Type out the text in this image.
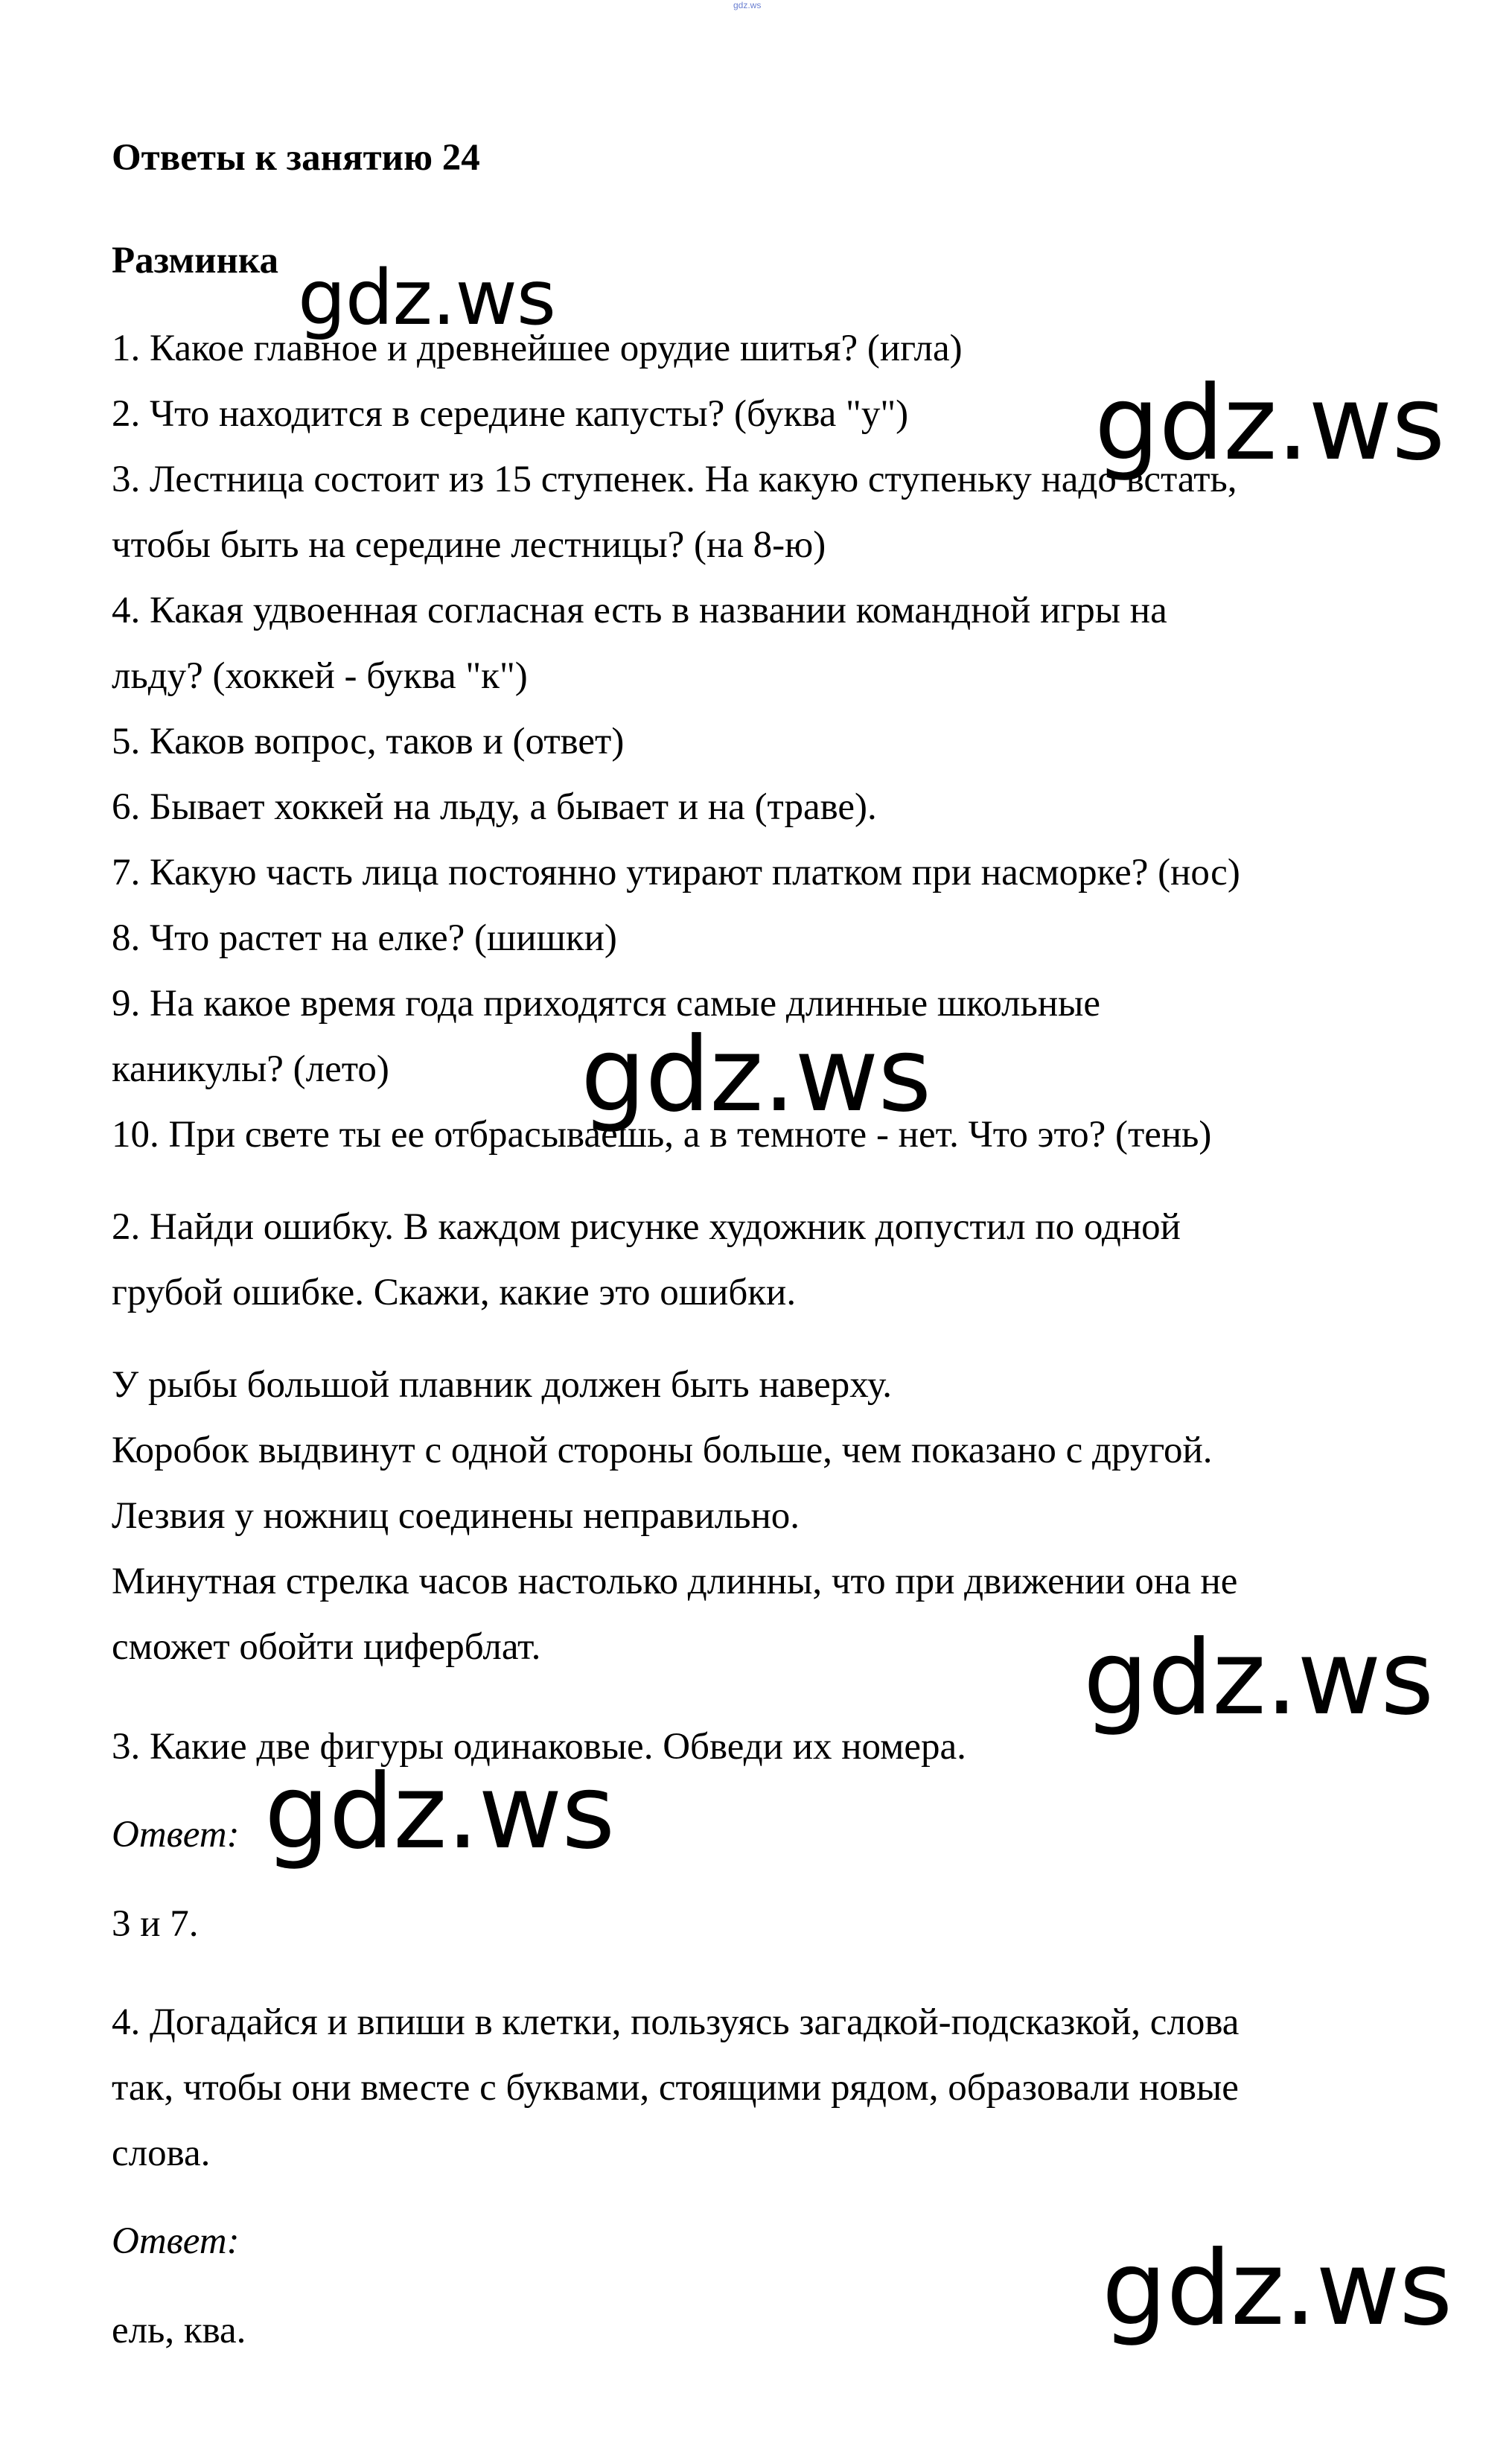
gdz.ws
Ответы к занятию 24
Разминка
1. Какое главное и древнейшее орудие шитья? (игла)
2. Что находится в середине капусты? (буква "у")
3. Лестница состоит из 15 ступенек. На какую ступеньку надо встать,
чтобы быть на середине лестницы? (на 8-ю)
4. Какая удвоенная согласная есть в названии командной игры на
льду? (хоккей - буква "к")
5. Каков вопрос, таков и (ответ)
6. Бывает хоккей на льду, а бывает и на (траве).
7. Какую часть лица постоянно утирают платком при насморке? (нос)
8. Что растет на елке? (шишки)
9. На какое время года приходятся самые длинные школьные
каникулы? (лето)
10. При свете ты ее отбрасываешь, а в темноте - нет. Что это? (тень)
2. Найди ошибку. В каждом рисунке художник допустил по одной
грубой ошибке. Скажи, какие это ошибки.
У рыбы большой плавник должен быть наверху.
Коробок выдвинут с одной стороны больше, чем показано с другой.
Лезвия у ножниц соединены неправильно.
Минутная стрелка часов настолько длинны, что при движении она не
сможет обойти циферблат.
3. Какие две фигуры одинаковые. Обведи их номера.
Ответ:
3 и 7.
4. Догадайся и впиши в клетки, пользуясь загадкой-подсказкой, слова
так, чтобы они вместе с буквами, стоящими рядом, образовали новые
слова.
Ответ:
ель, ква.
gdz.ws
gdz.ws
gdz.ws
gdz.ws
gdz.ws
gdz.ws
